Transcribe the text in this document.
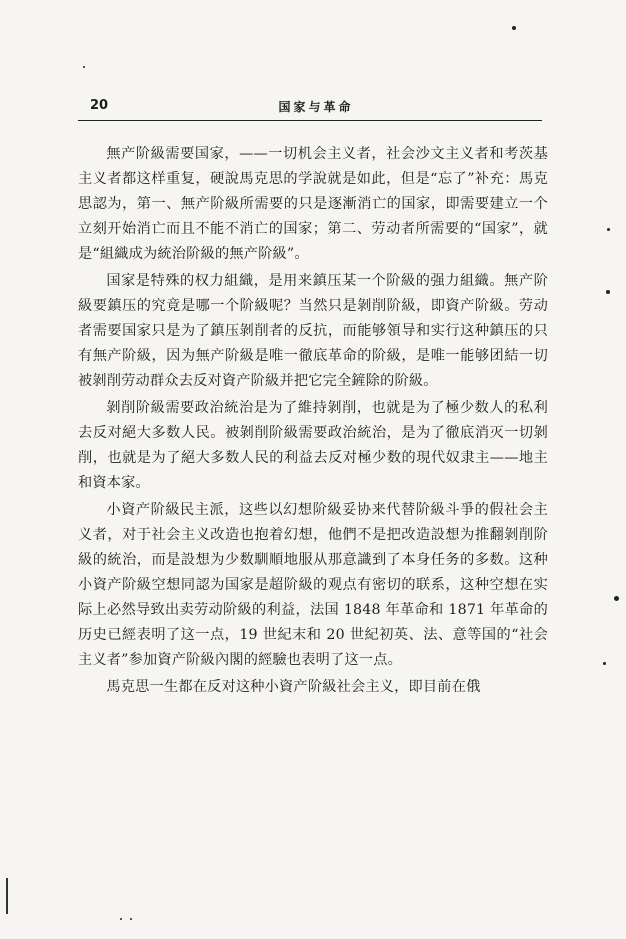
20	国家与革命

無产阶級需要国家，——一切机会主义者，社会沙文主义者和考茨基主义者都这样重复，硬說馬克思的学說就是如此，但是“忘了”补充：馬克思認为，第一、無产阶級所需要的只是逐漸消亡的国家，即需要建立一个立刻开始消亡而且不能不消亡的国家；第二、劳动者所需要的“国家”，就是“組織成为統治阶級的無产阶級”。

国家是特殊的权力組織，是用来鎮压某一个阶級的强力組織。無产阶級要鎮压的究竟是哪一个阶級呢？当然只是剝削阶級，即資产阶級。劳动者需要国家只是为了鎮压剝削者的反抗，而能够領导和实行这种鎮压的只有無产阶級，因为無产阶級是唯一徹底革命的阶級，是唯一能够团結一切被剝削劳动群众去反对資产阶級并把它完全鏟除的阶級。

剝削阶級需要政治統治是为了維持剝削，也就是为了極少数人的私利去反对絕大多数人民。被剝削阶級需要政治統治，是为了徹底消灭一切剝削，也就是为了絕大多数人民的利益去反对極少数的現代奴隶主——地主和資本家。

小資产阶級民主派，这些以幻想阶級妥协来代替阶級斗爭的假社会主义者，对于社会主义改造也抱着幻想，他們不是把改造設想为推翻剝削阶級的統治，而是設想为少数馴順地服从那意識到了本身任务的多数。这种小資产阶級空想同認为国家是超阶級的观点有密切的联系，这种空想在实际上必然导致出卖劳动阶級的利益，法国 1848 年革命和 1871 年革命的历史已經表明了这一点，19 世紀末和 20 世紀初英、法、意等国的“社会主义者”参加資产阶級內閣的經驗也表明了这一点。

馬克思一生都在反对这种小資产阶級社会主义，即目前在俄
